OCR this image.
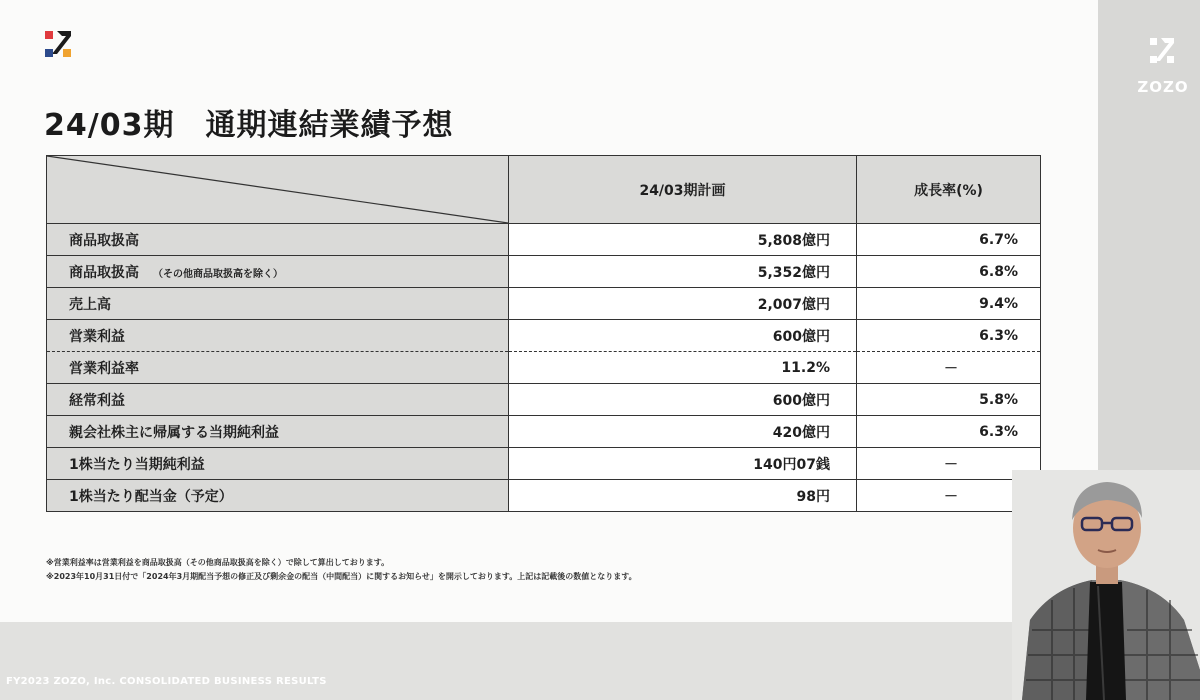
ZOZO
24/03期　通期連結業績予想
	24/03期計画	成長率(%)
商品取扱高	5,808億円	6.7%
商品取扱高 （その他商品取扱高を除く）	5,352億円	6.8%
売上高	2,007億円	9.4%
営業利益	600億円	6.3%
営業利益率	11.2%	－
経常利益	600億円	5.8%
親会社株主に帰属する当期純利益	420億円	6.3%
1株当たり当期純利益	140円07銭	－
1株当たり配当金（予定）	98円	－
※営業利益率は営業利益を商品取扱高（その他商品取扱高を除く）で除して算出しております。
※2023年10月31日付で「2024年3月期配当予想の修正及び剰余金の配当（中間配当）に関するお知らせ」を開示しております。上記は記載後の数値となります。
FY2023 ZOZO, Inc. CONSOLIDATED BUSINESS RESULTS
